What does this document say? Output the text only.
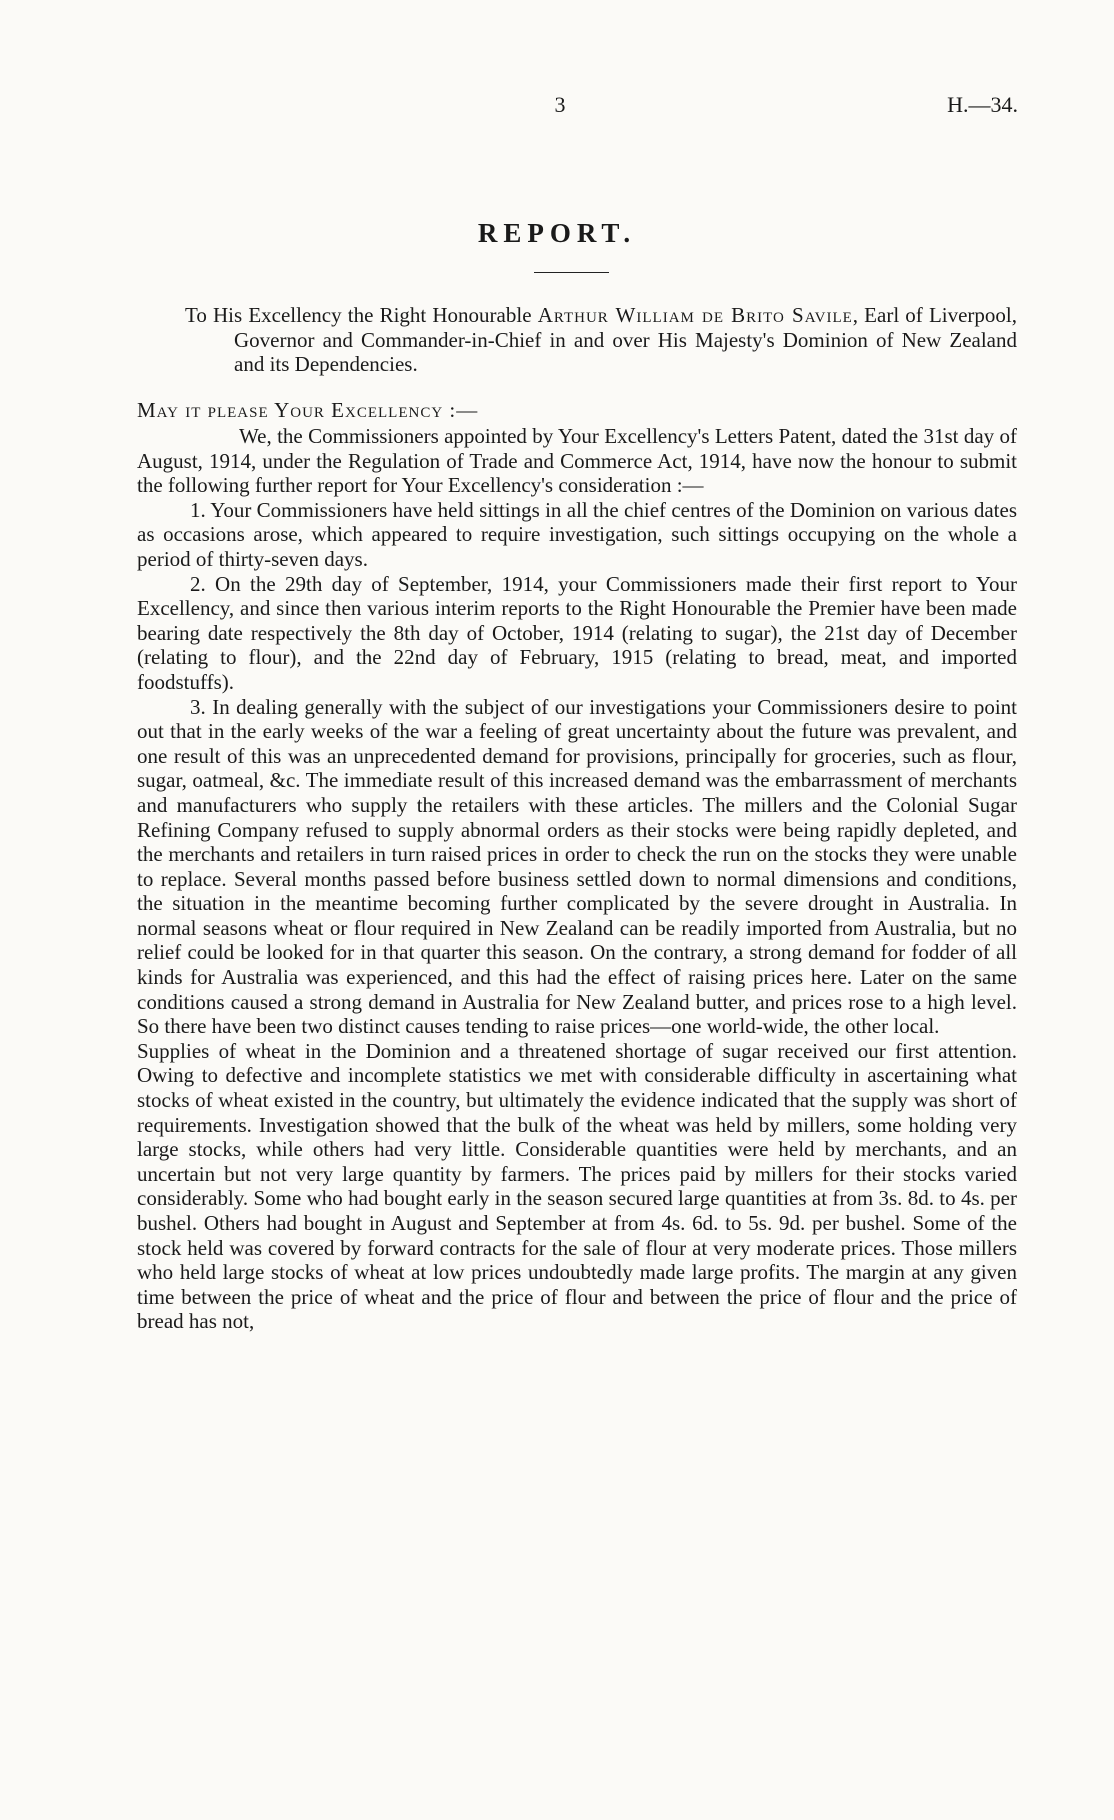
3	H.—34.
REPORT.

To His Excellency the Right Honourable Arthur William de Brito Savile, Earl of Liverpool, Governor and Commander-in-Chief in and over His Majesty's Dominion of New Zealand and its Dependencies.

May it please Your Excellency :—

We, the Commissioners appointed by Your Excellency's Letters Patent, dated the 31st day of August, 1914, under the Regulation of Trade and Commerce Act, 1914, have now the honour to submit the following further report for Your Excellency's consideration :—

1. Your Commissioners have held sittings in all the chief centres of the Dominion on various dates as occasions arose, which appeared to require investigation, such sittings occupying on the whole a period of thirty-seven days.

2. On the 29th day of September, 1914, your Commissioners made their first report to Your Excellency, and since then various interim reports to the Right Honourable the Premier have been made bearing date respectively the 8th day of October, 1914 (relating to sugar), the 21st day of December (relating to flour), and the 22nd day of February, 1915 (relating to bread, meat, and imported foodstuffs).

3. In dealing generally with the subject of our investigations your Commissioners desire to point out that in the early weeks of the war a feeling of great uncertainty about the future was prevalent, and one result of this was an unprecedented demand for provisions, principally for groceries, such as flour, sugar, oatmeal, &c. The immediate result of this increased demand was the embarrassment of merchants and manufacturers who supply the retailers with these articles. The millers and the Colonial Sugar Refining Company refused to supply abnormal orders as their stocks were being rapidly depleted, and the merchants and retailers in turn raised prices in order to check the run on the stocks they were unable to replace. Several months passed before business settled down to normal dimensions and conditions, the situation in the meantime becoming further complicated by the severe drought in Australia. In normal seasons wheat or flour required in New Zealand can be readily imported from Australia, but no relief could be looked for in that quarter this season. On the contrary, a strong demand for fodder of all kinds for Australia was experienced, and this had the effect of raising prices here. Later on the same conditions caused a strong demand in Australia for New Zealand butter, and prices rose to a high level. So there have been two distinct causes tending to raise prices—one world-wide, the other local.

Supplies of wheat in the Dominion and a threatened shortage of sugar received our first attention. Owing to defective and incomplete statistics we met with considerable difficulty in ascertaining what stocks of wheat existed in the country, but ultimately the evidence indicated that the supply was short of requirements. Investigation showed that the bulk of the wheat was held by millers, some holding very large stocks, while others had very little. Considerable quantities were held by merchants, and an uncertain but not very large quantity by farmers. The prices paid by millers for their stocks varied considerably. Some who had bought early in the season secured large quantities at from 3s. 8d. to 4s. per bushel. Others had bought in August and September at from 4s. 6d. to 5s. 9d. per bushel. Some of the stock held was covered by forward contracts for the sale of flour at very moderate prices. Those millers who held large stocks of wheat at low prices undoubtedly made large profits. The margin at any given time between the price of wheat and the price of flour and between the price of flour and the price of bread has not,
